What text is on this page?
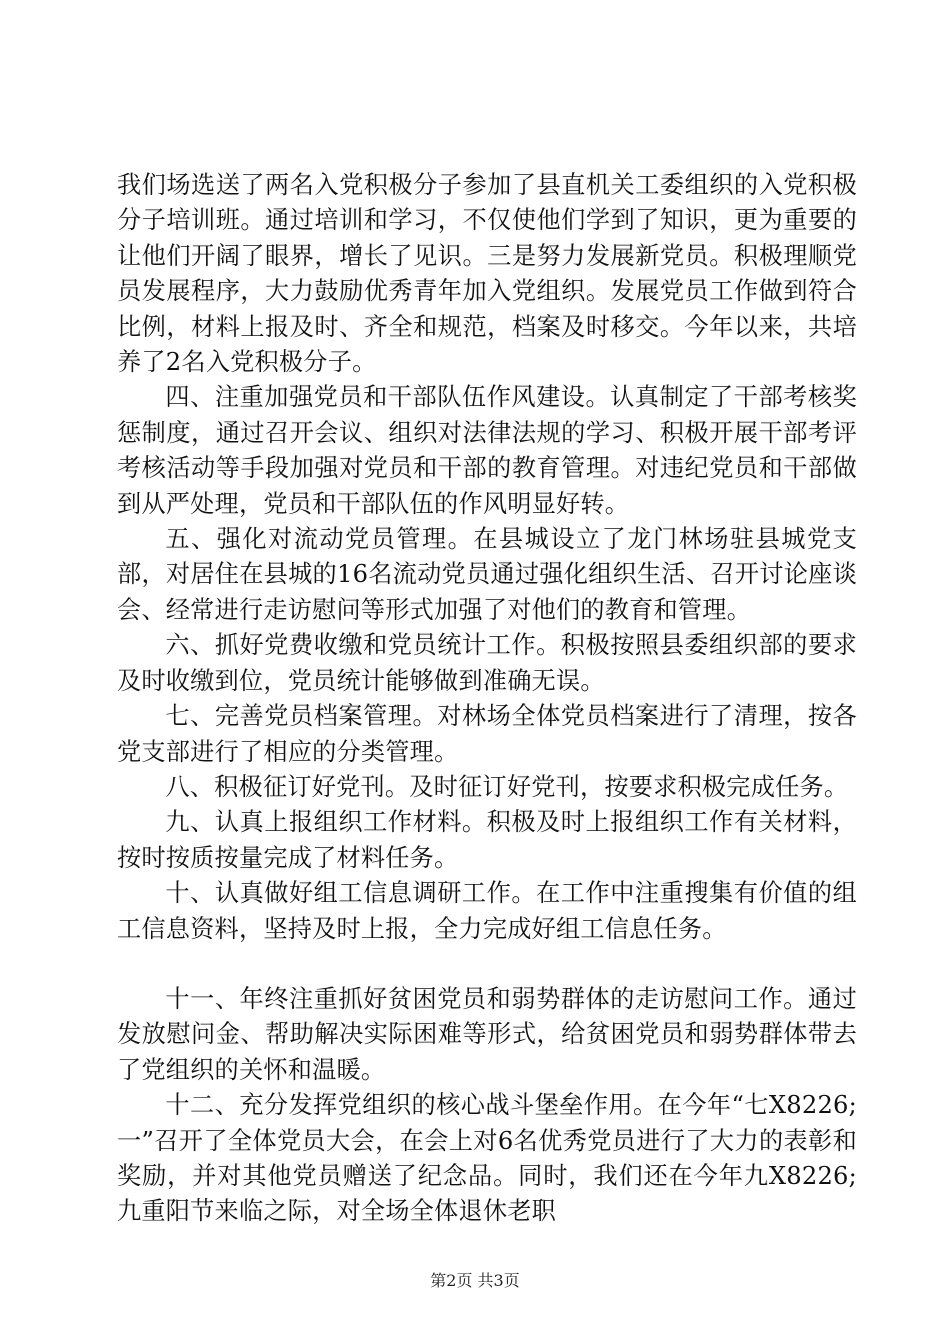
我们场选送了两名入党积极分子参加了县直机关工委组织的入党积极分子培训班。通过培训和学习，不仅使他们学到了知识，更为重要的让他们开阔了眼界，增长了见识。三是努力发展新党员。积极理顺党员发展程序，大力鼓励优秀青年加入党组织。发展党员工作做到符合比例，材料上报及时、齐全和规范，档案及时移交。今年以来，共培养了2名入党积极分子。

四、注重加强党员和干部队伍作风建设。认真制定了干部考核奖惩制度，通过召开会议、组织对法律法规的学习、积极开展干部考评考核活动等手段加强对党员和干部的教育管理。对违纪党员和干部做到从严处理，党员和干部队伍的作风明显好转。

五、强化对流动党员管理。在县城设立了龙门林场驻县城党支部，对居住在县城的16名流动党员通过强化组织生活、召开讨论座谈会、经常进行走访慰问等形式加强了对他们的教育和管理。

六、抓好党费收缴和党员统计工作。积极按照县委组织部的要求及时收缴到位，党员统计能够做到准确无误。

七、完善党员档案管理。对林场全体党员档案进行了清理，按各党支部进行了相应的分类管理。

八、积极征订好党刊。及时征订好党刊，按要求积极完成任务。

九、认真上报组织工作材料。积极及时上报组织工作有关材料，按时按质按量完成了材料任务。

十、认真做好组工信息调研工作。在工作中注重搜集有价值的组工信息资料，坚持及时上报，全力完成好组工信息任务。

十一、年终注重抓好贫困党员和弱势群体的走访慰问工作。通过发放慰问金、帮助解决实际困难等形式，给贫困党员和弱势群体带去了党组织的关怀和温暖。

十二、充分发挥党组织的核心战斗堡垒作用。在今年“七X8226;一”召开了全体党员大会，在会上对6名优秀党员进行了大力的表彰和奖励，并对其他党员赠送了纪念品。同时，我们还在今年九X8226;九重阳节来临之际，对全场全体退休老职

第2页 共3页
